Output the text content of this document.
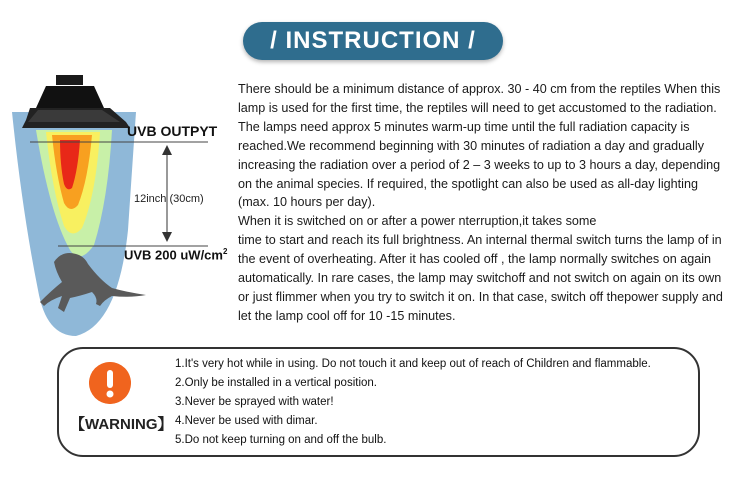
/ INSTRUCTION /
UVB OUTPYT
12inch (30cm)
UVB 200 $uW/cm^2$

There should be a minimum distance of approx. 30 - 40 cm from the reptiles When this lamp is used for the first time, the reptiles will need to get accustomed to the radiation. The lamps need approx 5 minutes warm-up time until the full radiation capacity is reached.We recommend beginning with 30 minutes of radiation a day and gradually increasing the radiation over a period of 2 – 3 weeks to up to 3 hours a day, depending on the animal species. If required, the spotlight can also be used as all-day lighting (max. 10 hours per day).

When it is switched on or after a power nterruption,it takes some

time to start and reach its full brightness. An internal thermal switch turns the lamp of in the event of overheating. After it has cooled off , the lamp normally switches on again automatically. In rare cases, the lamp may switchoff and not switch on again on its own or just flimmer when you try to switch it on. In that case, switch off thepower supply and let the lamp cool off for 10 -15 minutes.

【WARNING】

1.It's very hot while in using. Do not touch it and keep out of reach of Children and flammable.

2.Only be installed in a vertical position.

3.Never be sprayed with water!

4.Never be used with dimar.

5.Do not keep turning on and off the bulb.
